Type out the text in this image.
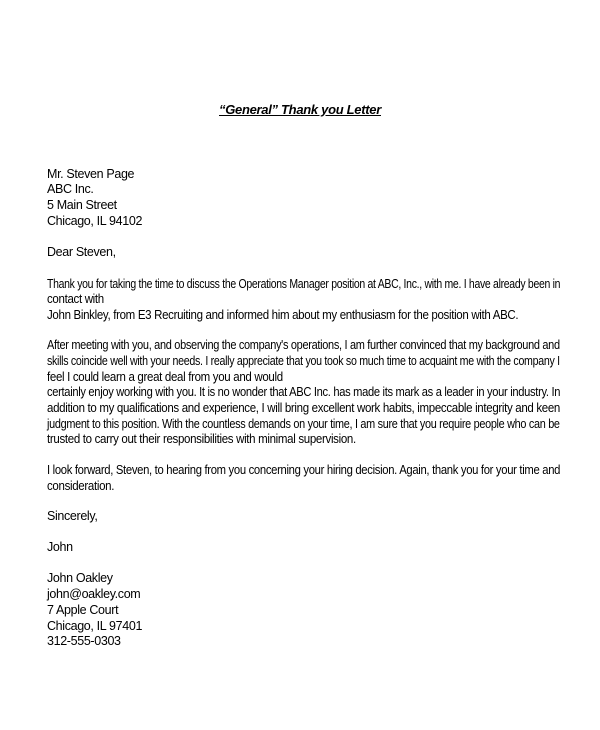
“General” Thank you Letter
Mr. Steven Page
ABC Inc.
5 Main Street
Chicago, IL 94102
Dear Steven,
Thank you for taking the time to discuss the Operations Manager position at ABC, Inc., with me. I have already been in
contact with
John Binkley, from E3 Recruiting and informed him about my enthusiasm for the position with ABC.
After meeting with you, and observing the company's operations, I am further convinced that my background and
skills coincide well with your needs. I really appreciate that you took so much time to acquaint me with the company I
feel I could learn a great deal from you and would
certainly enjoy working with you. It is no wonder that ABC Inc. has made its mark as a leader in your industry. In
addition to my qualifications and experience, I will bring excellent work habits, impeccable integrity and keen
judgment to this position. With the countless demands on your time, I am sure that you require people who can be
trusted to carry out their responsibilities with minimal supervision.
I look forward, Steven, to hearing from you concerning your hiring decision. Again, thank you for your time and
consideration.
Sincerely,
John
John Oakley
john@oakley.com
7 Apple Court
Chicago, IL 97401
312-555-0303
